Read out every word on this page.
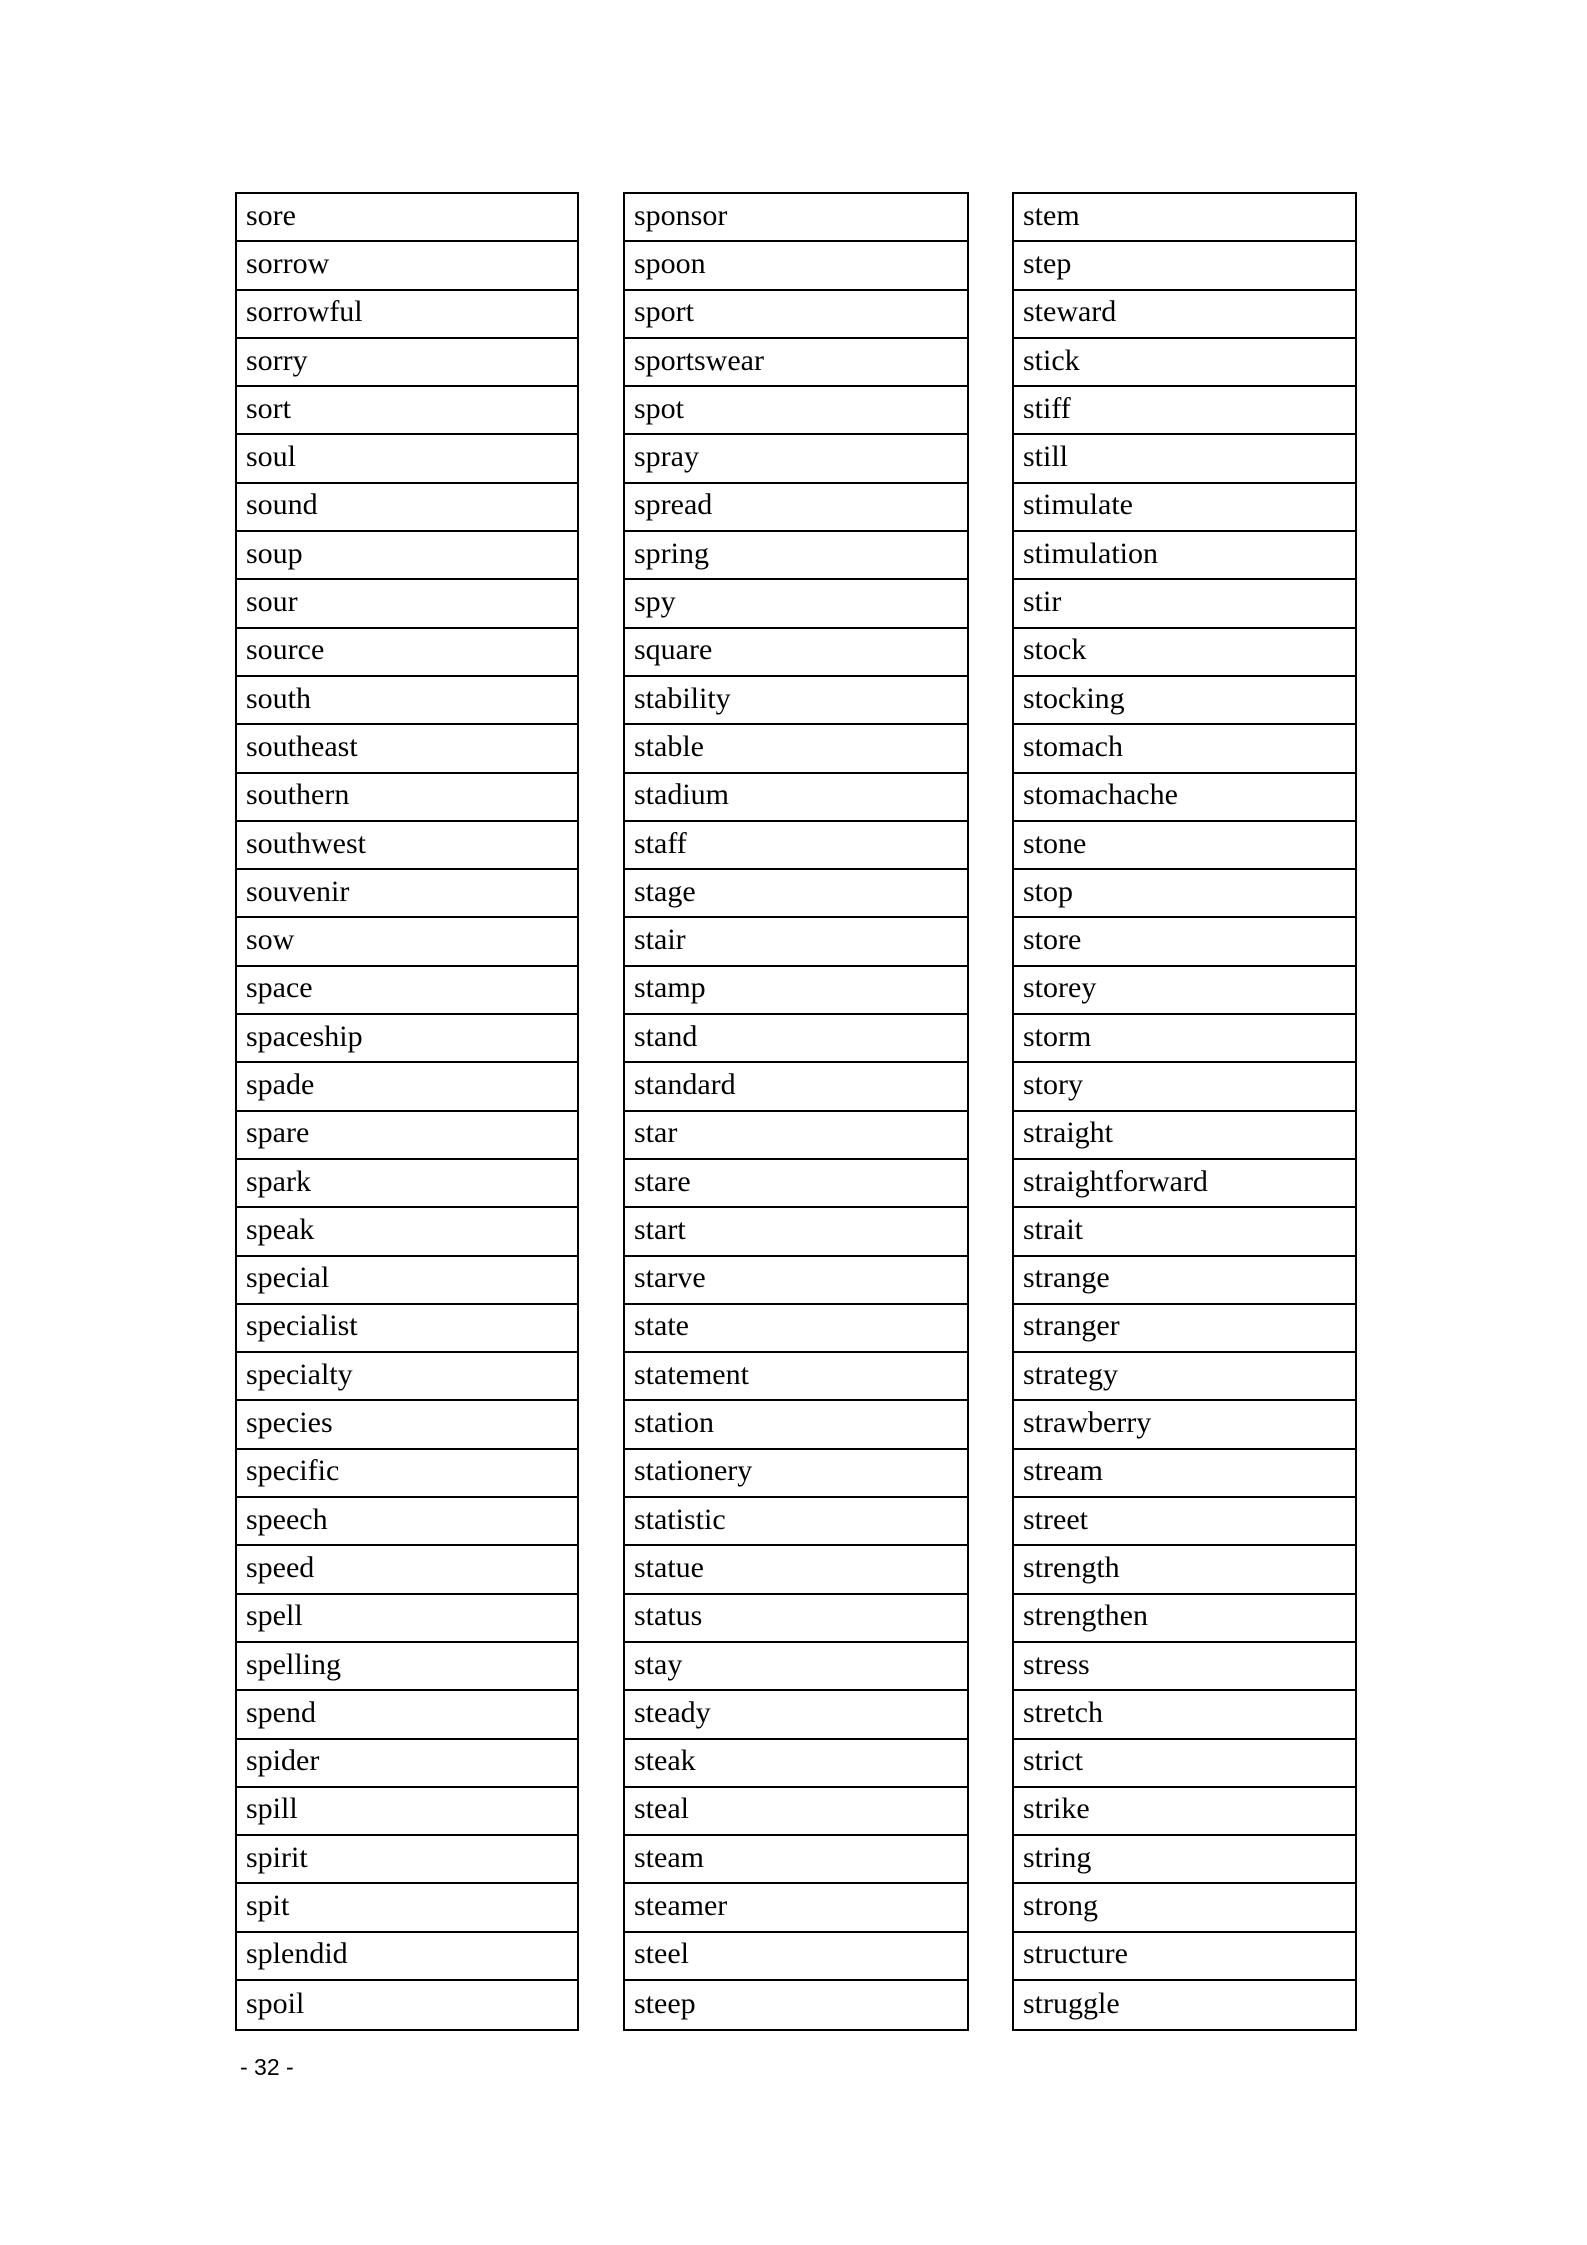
sore
sorrow
sorrowful
sorry
sort
soul
sound
soup
sour
source
south
southeast
southern
southwest
souvenir
sow
space
spaceship
spade
spare
spark
speak
special
specialist
specialty
species
specific
speech
speed
spell
spelling
spend
spider
spill
spirit
spit
splendid
spoil
sponsor
spoon
sport
sportswear
spot
spray
spread
spring
spy
square
stability
stable
stadium
staff
stage
stair
stamp
stand
standard
star
stare
start
starve
state
statement
station
stationery
statistic
statue
status
stay
steady
steak
steal
steam
steamer
steel
steep
stem
step
steward
stick
stiff
still
stimulate
stimulation
stir
stock
stocking
stomach
stomachache
stone
stop
store
storey
storm
story
straight
straightforward
strait
strange
stranger
strategy
strawberry
stream
street
strength
strengthen
stress
stretch
strict
strike
string
strong
structure
struggle
- 32 -
